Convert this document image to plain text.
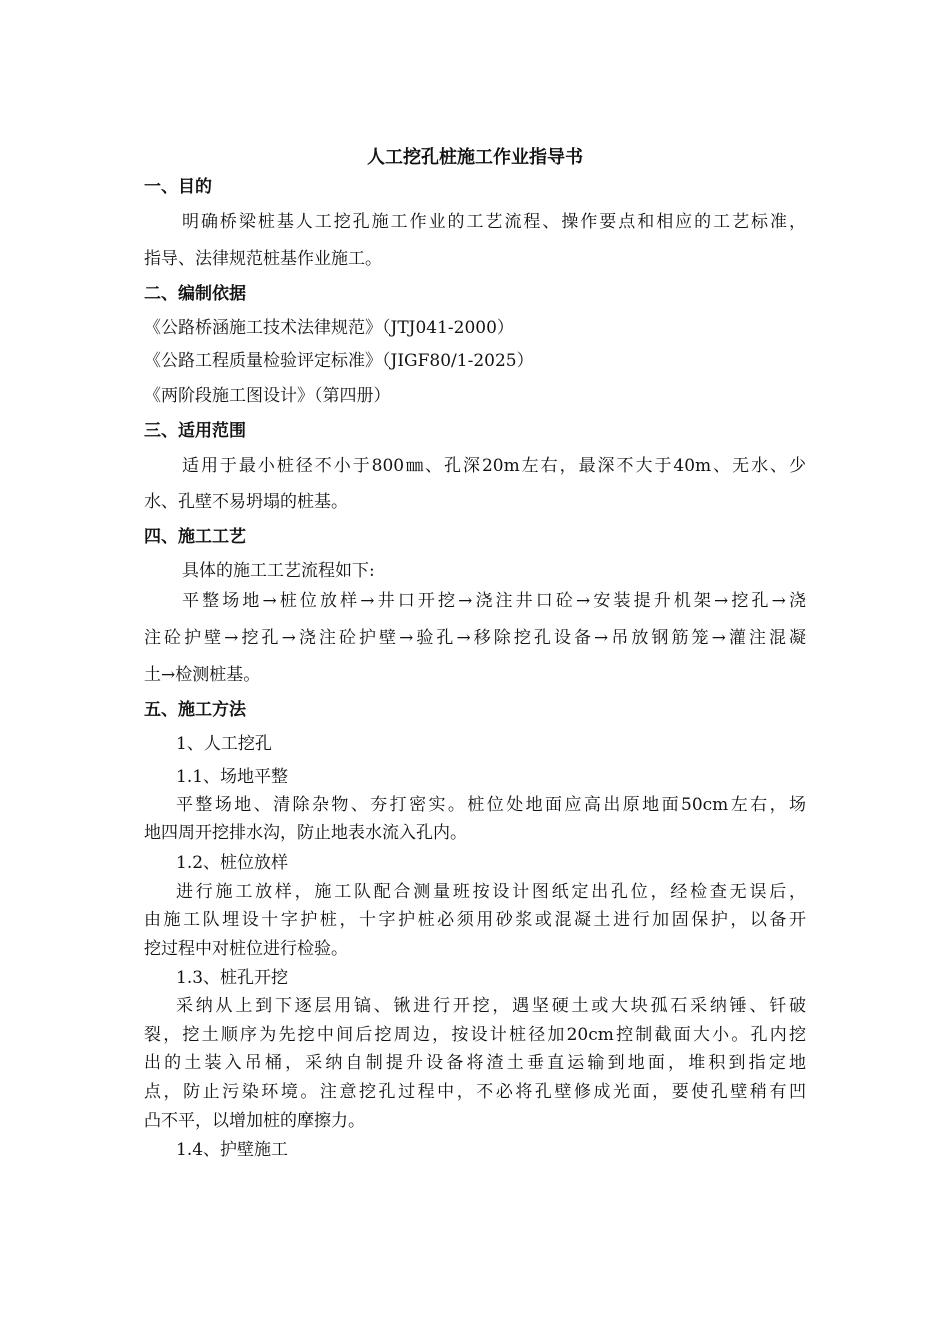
人工挖孔桩施工作业指导书
一、目的
明确桥梁桩基人工挖孔施工作业的工艺流程、操作要点和相应的工艺标准，
指导、法律规范桩基作业施工。
二、编制依据
《公路桥涵施工技术法律规范》（JTJ041-2000）
《公路工程质量检验评定标准》（JIGF80/1-2025）
《两阶段施工图设计》（第四册）
三、适用范围
适用于最小桩径不小于800㎜、孔深20m左右，最深不大于40m、无水、少
水、孔壁不易坍塌的桩基。
四、施工工艺
具体的施工工艺流程如下:
平整场地→桩位放样→井口开挖→浇注井口砼→安装提升机架→挖孔→浇
注砼护壁→挖孔→浇注砼护壁→验孔→移除挖孔设备→吊放钢筋笼→灌注混凝
土→检测桩基。
五、施工方法
1、人工挖孔
1.1、场地平整
平整场地、清除杂物、夯打密实。桩位处地面应高出原地面50cm左右，场
地四周开挖排水沟，防止地表水流入孔内。
1.2、桩位放样
进行施工放样，施工队配合测量班按设计图纸定出孔位，经检查无误后，
由施工队埋设十字护桩，十字护桩必须用砂浆或混凝土进行加固保护，以备开
挖过程中对桩位进行检验。
1.3、桩孔开挖
采纳从上到下逐层用镐、锹进行开挖，遇坚硬土或大块孤石采纳锤、钎破
裂，挖土顺序为先挖中间后挖周边，按设计桩径加20cm控制截面大小。孔内挖
出的土装入吊桶，采纳自制提升设备将渣土垂直运输到地面，堆积到指定地
点，防止污染环境。注意挖孔过程中，不必将孔壁修成光面，要使孔壁稍有凹
凸不平，以增加桩的摩擦力。
1.4、护壁施工
